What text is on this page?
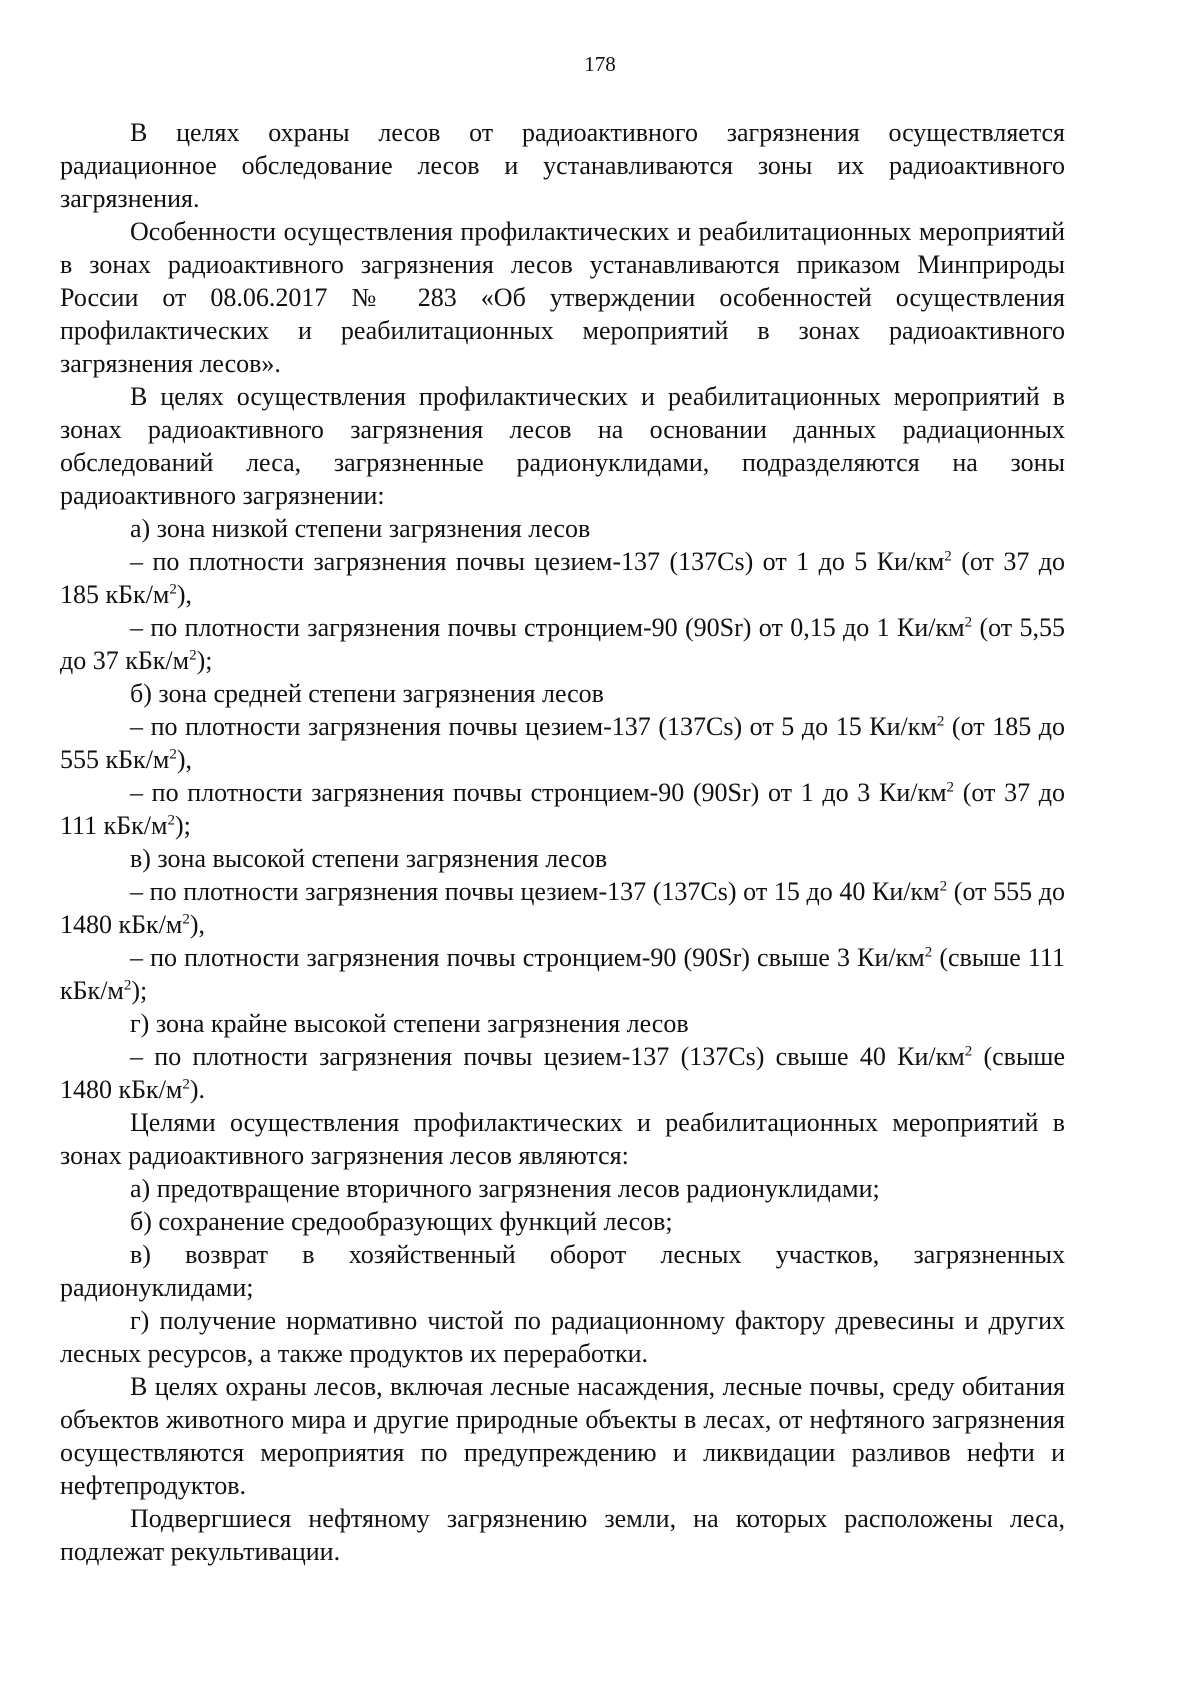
178

В целях охраны лесов от радиоактивного загрязнения осуществляется радиационное обследование лесов и устанавливаются зоны их радиоактивного загрязнения.

Особенности осуществления профилактических и реабилитационных мероприятий в зонах радиоактивного загрязнения лесов устанавливаются приказом Минприроды России от 08.06.2017 № 283 «Об утверждении особенностей осуществления профилактических и реабилитационных мероприятий в зонах радиоактивного загрязнения лесов».

В целях осуществления профилактических и реабилитационных мероприятий в зонах радиоактивного загрязнения лесов на основании данных радиационных обследований леса, загрязненные радионуклидами, подразделяются на зоны радиоактивного загрязнении:

а) зона низкой степени загрязнения лесов

– по плотности загрязнения почвы цезием-137 (137Cs) от 1 до 5 $Ки/км^2$ (от 37 до 185 кБк/$м^2$),

– по плотности загрязнения почвы стронцием-90 (90Sr) от 0,15 до 1 $Ки/км^2$ (от 5,55 до 37 кБк/$м^2$);

б) зона средней степени загрязнения лесов

– по плотности загрязнения почвы цезием-137 (137Cs) от 5 до 15 $Ки/км^2$ (от 185 до 555 кБк/$м^2$),

– по плотности загрязнения почвы стронцием-90 (90Sr) от 1 до 3 $Ки/км^2$ (от 37 до 111 кБк/$м^2$);

в) зона высокой степени загрязнения лесов

– по плотности загрязнения почвы цезием-137 (137Cs) от 15 до 40 $Ки/км^2$ (от 555 до 1480 кБк/$м^2$),

– по плотности загрязнения почвы стронцием-90 (90Sr) свыше 3 $Ки/км^2$ (свыше 111 кБк/$м^2$);

г) зона крайне высокой степени загрязнения лесов

– по плотности загрязнения почвы цезием-137 (137Cs) свыше 40 $Ки/км^2$ (свыше 1480 кБк/$м^2$).

Целями осуществления профилактических и реабилитационных мероприятий в зонах радиоактивного загрязнения лесов являются:

а) предотвращение вторичного загрязнения лесов радионуклидами;

б) сохранение средообразующих функций лесов;

в) возврат в хозяйственный оборот лесных участков, загрязненных радионуклидами;

г) получение нормативно чистой по радиационному фактору древесины и других лесных ресурсов, а также продуктов их переработки.

В целях охраны лесов, включая лесные насаждения, лесные почвы, среду обитания объектов животного мира и другие природные объекты в лесах, от нефтяного загрязнения осуществляются мероприятия по предупреждению и ликвидации разливов нефти и нефтепродуктов.

Подвергшиеся нефтяному загрязнению земли, на которых расположены леса, подлежат рекультивации.
